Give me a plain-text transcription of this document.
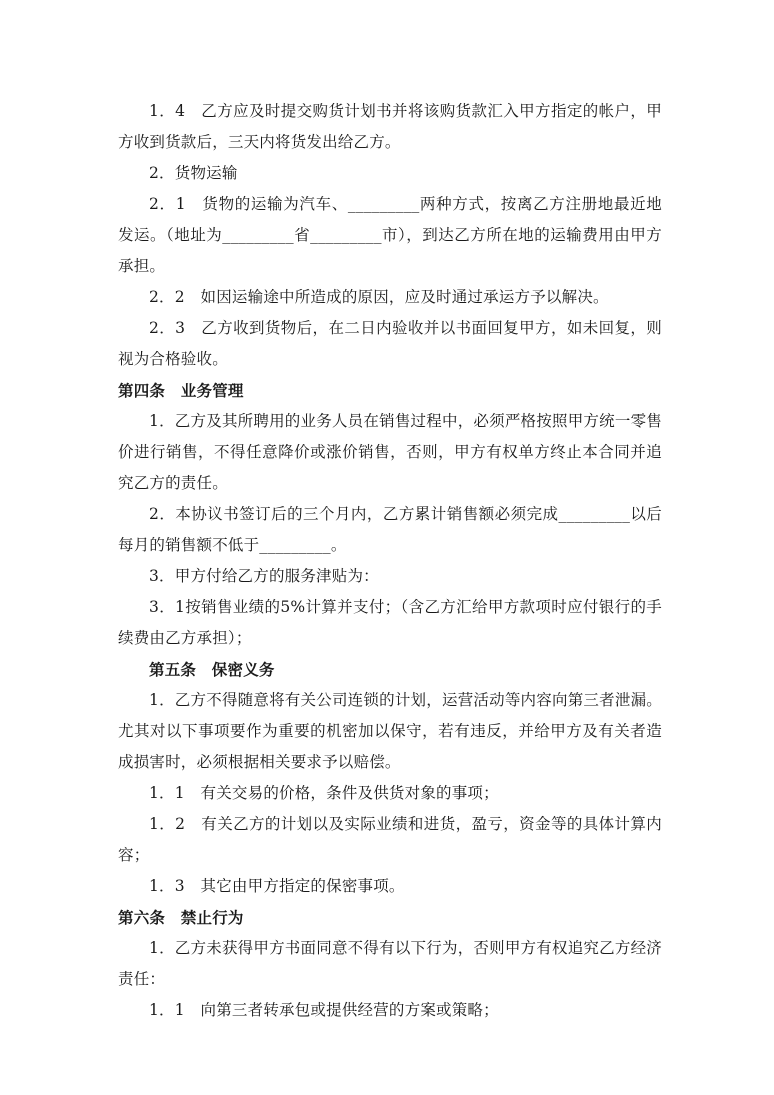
1．4　乙方应及时提交购货计划书并将该购货款汇入甲方指定的帐户，甲方收到货款后，三天内将货发出给乙方。

2．货物运输

2．1　货物的运输为汽车、_________两种方式，按离乙方注册地最近地发运。（地址为_________省_________市），到达乙方所在地的运输费用由甲方承担。

2．2　如因运输途中所造成的原因，应及时通过承运方予以解决。

2．3　乙方收到货物后，在二日内验收并以书面回复甲方，如未回复，则视为合格验收。

第四条　业务管理

1．乙方及其所聘用的业务人员在销售过程中，必须严格按照甲方统一零售价进行销售，不得任意降价或涨价销售，否则，甲方有权单方终止本合同并追究乙方的责任。

2．本协议书签订后的三个月内，乙方累计销售额必须完成_________以后每月的销售额不低于_________。

3．甲方付给乙方的服务津贴为：

3．1按销售业绩的5%计算并支付；（含乙方汇给甲方款项时应付银行的手续费由乙方承担）；

第五条　保密义务

1．乙方不得随意将有关公司连锁的计划，运营活动等内容向第三者泄漏。尤其对以下事项要作为重要的机密加以保守，若有违反，并给甲方及有关者造成损害时，必须根据相关要求予以赔偿。

1．1　有关交易的价格，条件及供货对象的事项；

1．2　有关乙方的计划以及实际业绩和进货，盈亏，资金等的具体计算内容；

1．3　其它由甲方指定的保密事项。

第六条　禁止行为

1．乙方未获得甲方书面同意不得有以下行为，否则甲方有权追究乙方经济责任：

1．1　向第三者转承包或提供经营的方案或策略；
